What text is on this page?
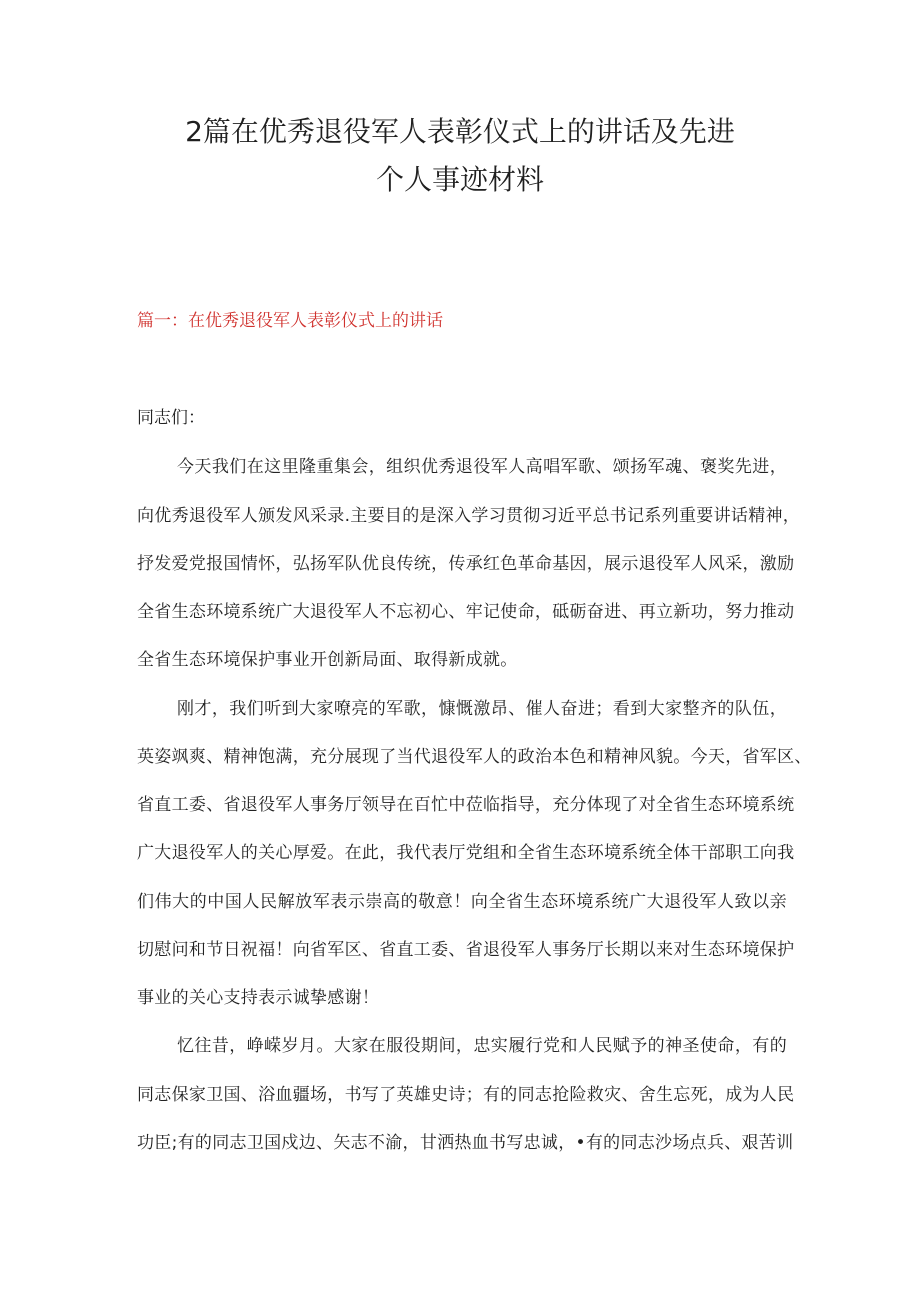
2篇在优秀退役军人表彰仪式上的讲话及先进
个人事迹材料
篇一：在优秀退役军人表彰仪式上的讲话
同志们：
今天我们在这里隆重集会，组织优秀退役军人高唱军歌、颂扬军魂、褒奖先进，
向优秀退役军人颁发风采录.主要目的是深入学习贯彻习近平总书记系列重要讲话精神，
抒发爱党报国情怀，弘扬军队优良传统，传承红色革命基因，展示退役军人风采，激励
全省生态环境系统广大退役军人不忘初心、牢记使命，砥砺奋进、再立新功，努力推动
全省生态环境保护事业开创新局面、取得新成就。
刚才，我们听到大家嘹亮的军歌，慷慨激昂、催人奋进；看到大家整齐的队伍，
英姿飒爽、精神饱满，充分展现了当代退役军人的政治本色和精神风貌。今天，省军区、
省直工委、省退役军人事务厅领导在百忙中莅临指导，充分体现了对全省生态环境系统
广大退役军人的关心厚爱。在此，我代表厅党组和全省生态环境系统全体干部职工向我
们伟大的中国人民解放军表示崇高的敬意！向全省生态环境系统广大退役军人致以亲
切慰问和节日祝福！向省军区、省直工委、省退役军人事务厅长期以来对生态环境保护
事业的关心支持表示诚挚感谢！
忆往昔，峥嵘岁月。大家在服役期间，忠实履行党和人民赋予的神圣使命，有的
同志保家卫国、浴血疆场，书写了英雄史诗；有的同志抢险救灾、舍生忘死，成为人民
功臣;有的同志卫国戍边、矢志不渝，甘洒热血书写忠诚，•有的同志沙场点兵、艰苦训
